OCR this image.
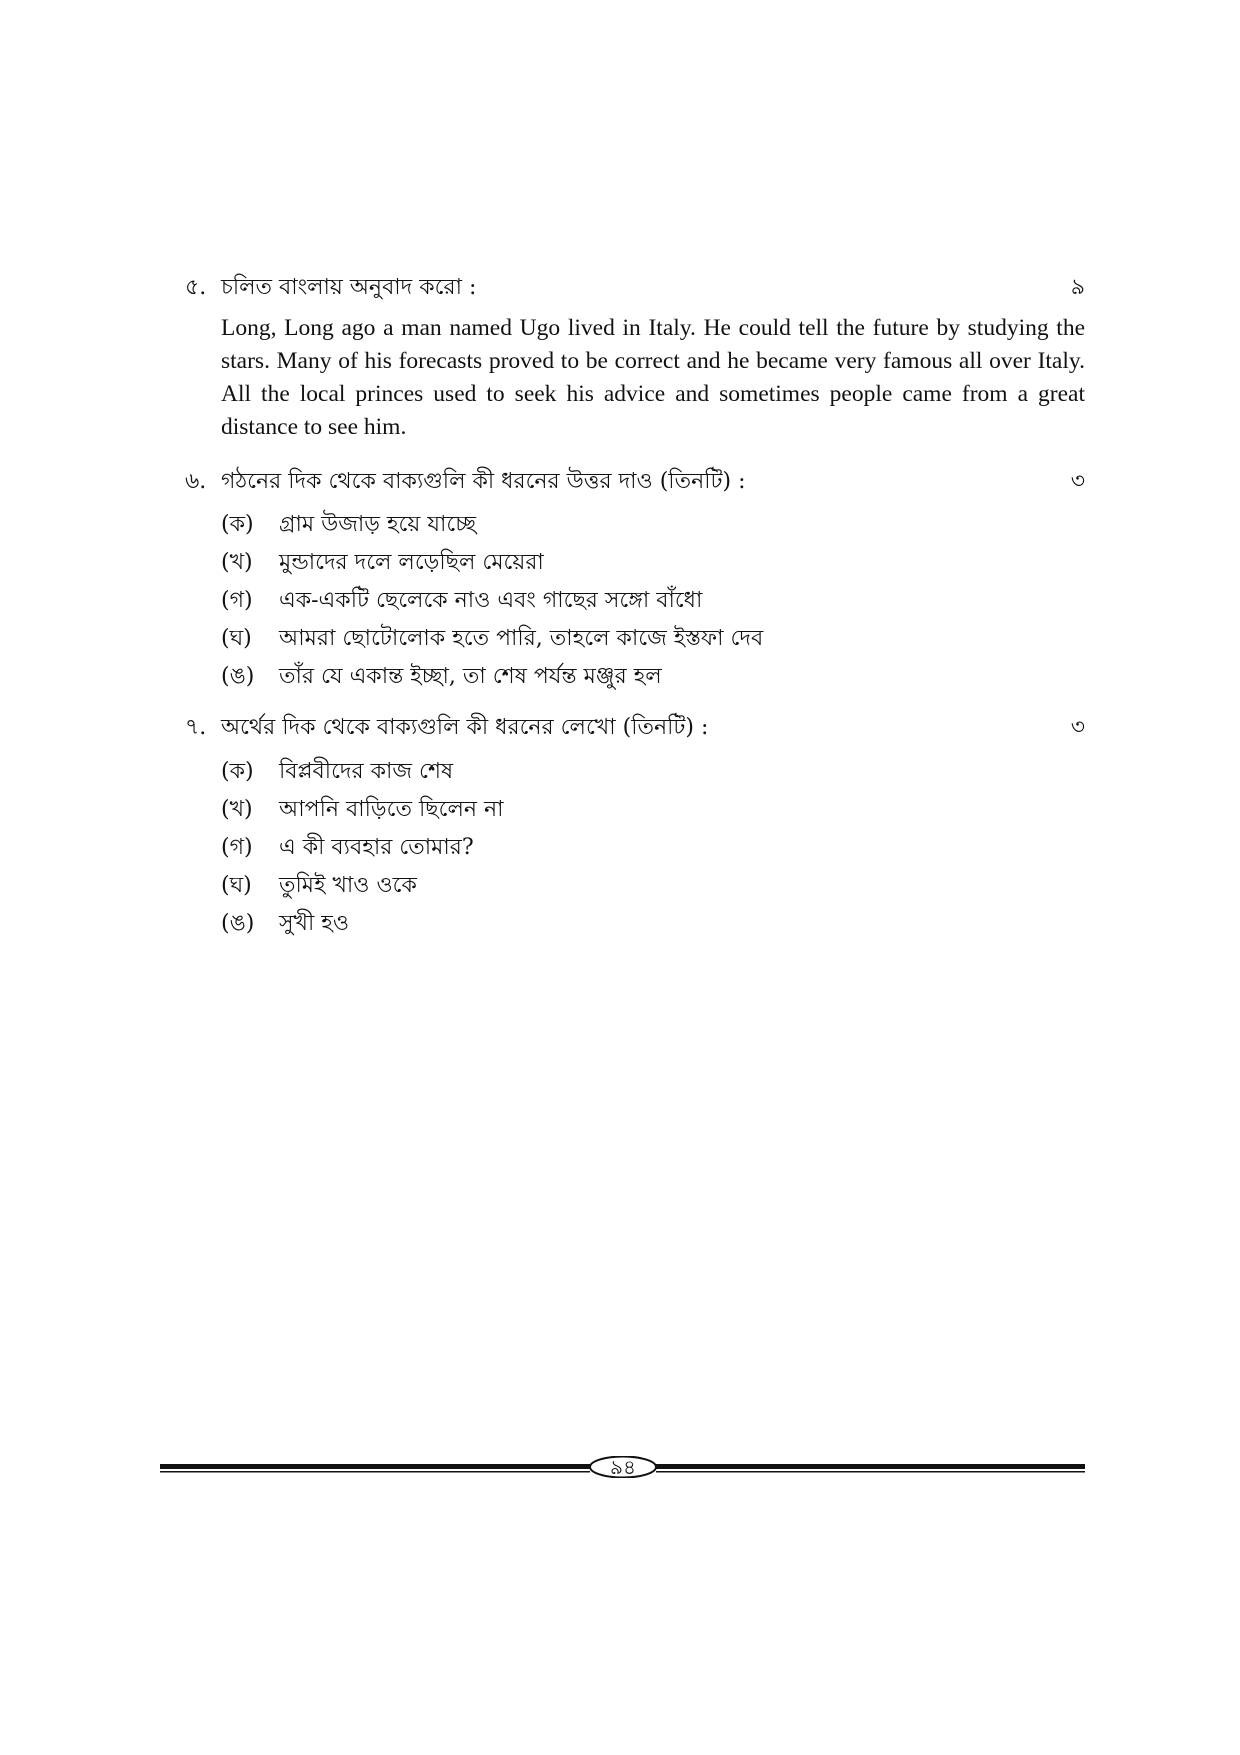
৫. চলিত বাংলায় অনুবাদ করো :	৯

Long, Long ago a man named Ugo lived in Italy. He could tell the future by studying the stars. Many of his forecasts proved to be correct and he became very famous all over Italy. All the local princes used to seek his advice and sometimes people came from a great distance to see him.

৬. গঠনের দিক থেকে বাক্যগুলি কী ধরনের উত্তর দাও (তিনটি) :	৩
(ক) গ্রাম উজাড় হয়ে যাচ্ছে
(খ) মুন্ডাদের দলে লড়েছিল মেয়েরা
(গ) এক-একটি ছেলেকে নাও এবং গাছের সঙ্গো বাঁধো
(ঘ) আমরা ছোটোলোক হতে পারি, তাহলে কাজে ইস্তফা দেব
(ঙ) তাঁর যে একান্ত ইচ্ছা, তা শেষ পর্যন্ত মঞ্জুর হল
৭. অর্থের দিক থেকে বাক্যগুলি কী ধরনের লেখো (তিনটি) :	৩
(ক) বিপ্লবীদের কাজ শেষ
(খ) আপনি বাড়িতে ছিলেন না
(গ) এ কী ব্যবহার তোমার?
(ঘ) তুমিই খাও ওকে
(ঙ) সুখী হও
৯৪
